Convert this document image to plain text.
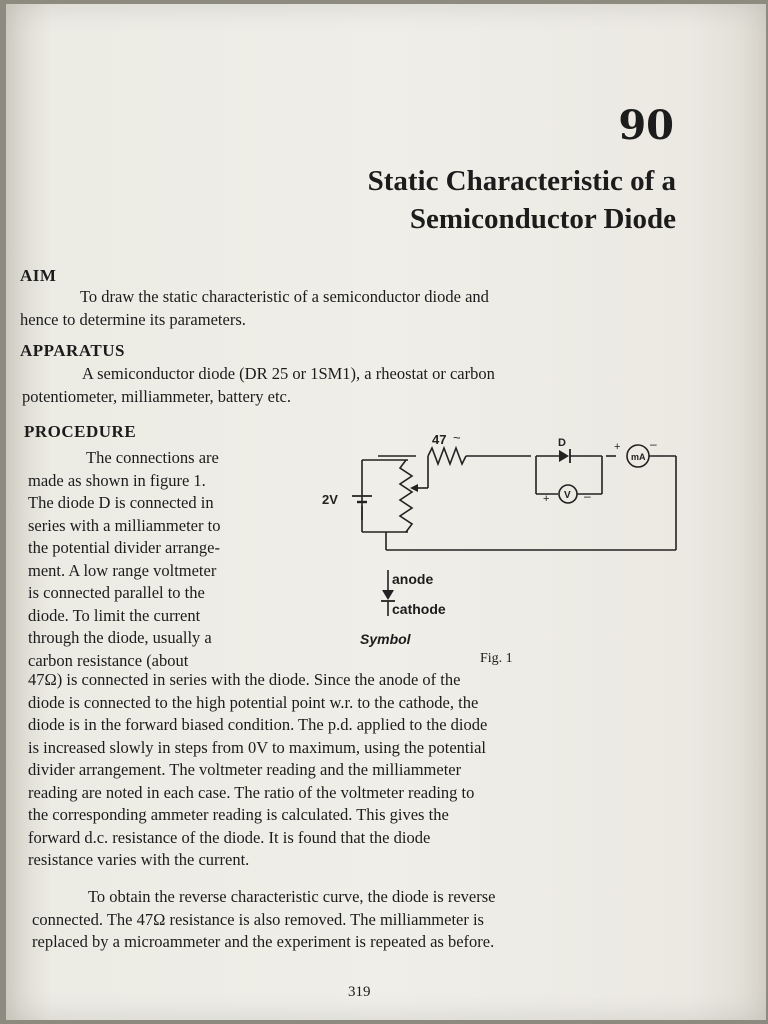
90
Static Characteristic of a
Semiconductor Diode
AIM
To draw the static characteristic of a semiconductor diode and
hence to determine its parameters.
APPARATUS
A semiconductor diode (DR 25 or 1SM1), a rheostat or carbon
potentiometer, milliammeter, battery etc.
PROCEDURE
The connections are
made as shown in figure 1.
The diode D is connected in
series with a milliammeter to
the potential divider arrange-
ment. A low range voltmeter
is connected parallel to the
diode. To limit the current
through the diode, usually a
carbon resistance (about
47 ~
2V
D
mA
+ –
V
+	–
anode
cathode
Symbol
Fig. 1
47Ω) is connected in series with the diode. Since the anode of the
diode is connected to the high potential point w.r. to the cathode, the
diode is in the forward biased condition. The p.d. applied to the diode
is increased slowly in steps from 0V to maximum, using the potential
divider arrangement. The voltmeter reading and the milliammeter
reading are noted in each case. The ratio of the voltmeter reading to
the corresponding ammeter reading is calculated. This gives the
forward d.c. resistance of the diode. It is found that the diode
resistance varies with the current.
To obtain the reverse characteristic curve, the diode is reverse
connected. The 47Ω resistance is also removed. The milliammeter is
replaced by a microammeter and the experiment is repeated as before.
319
